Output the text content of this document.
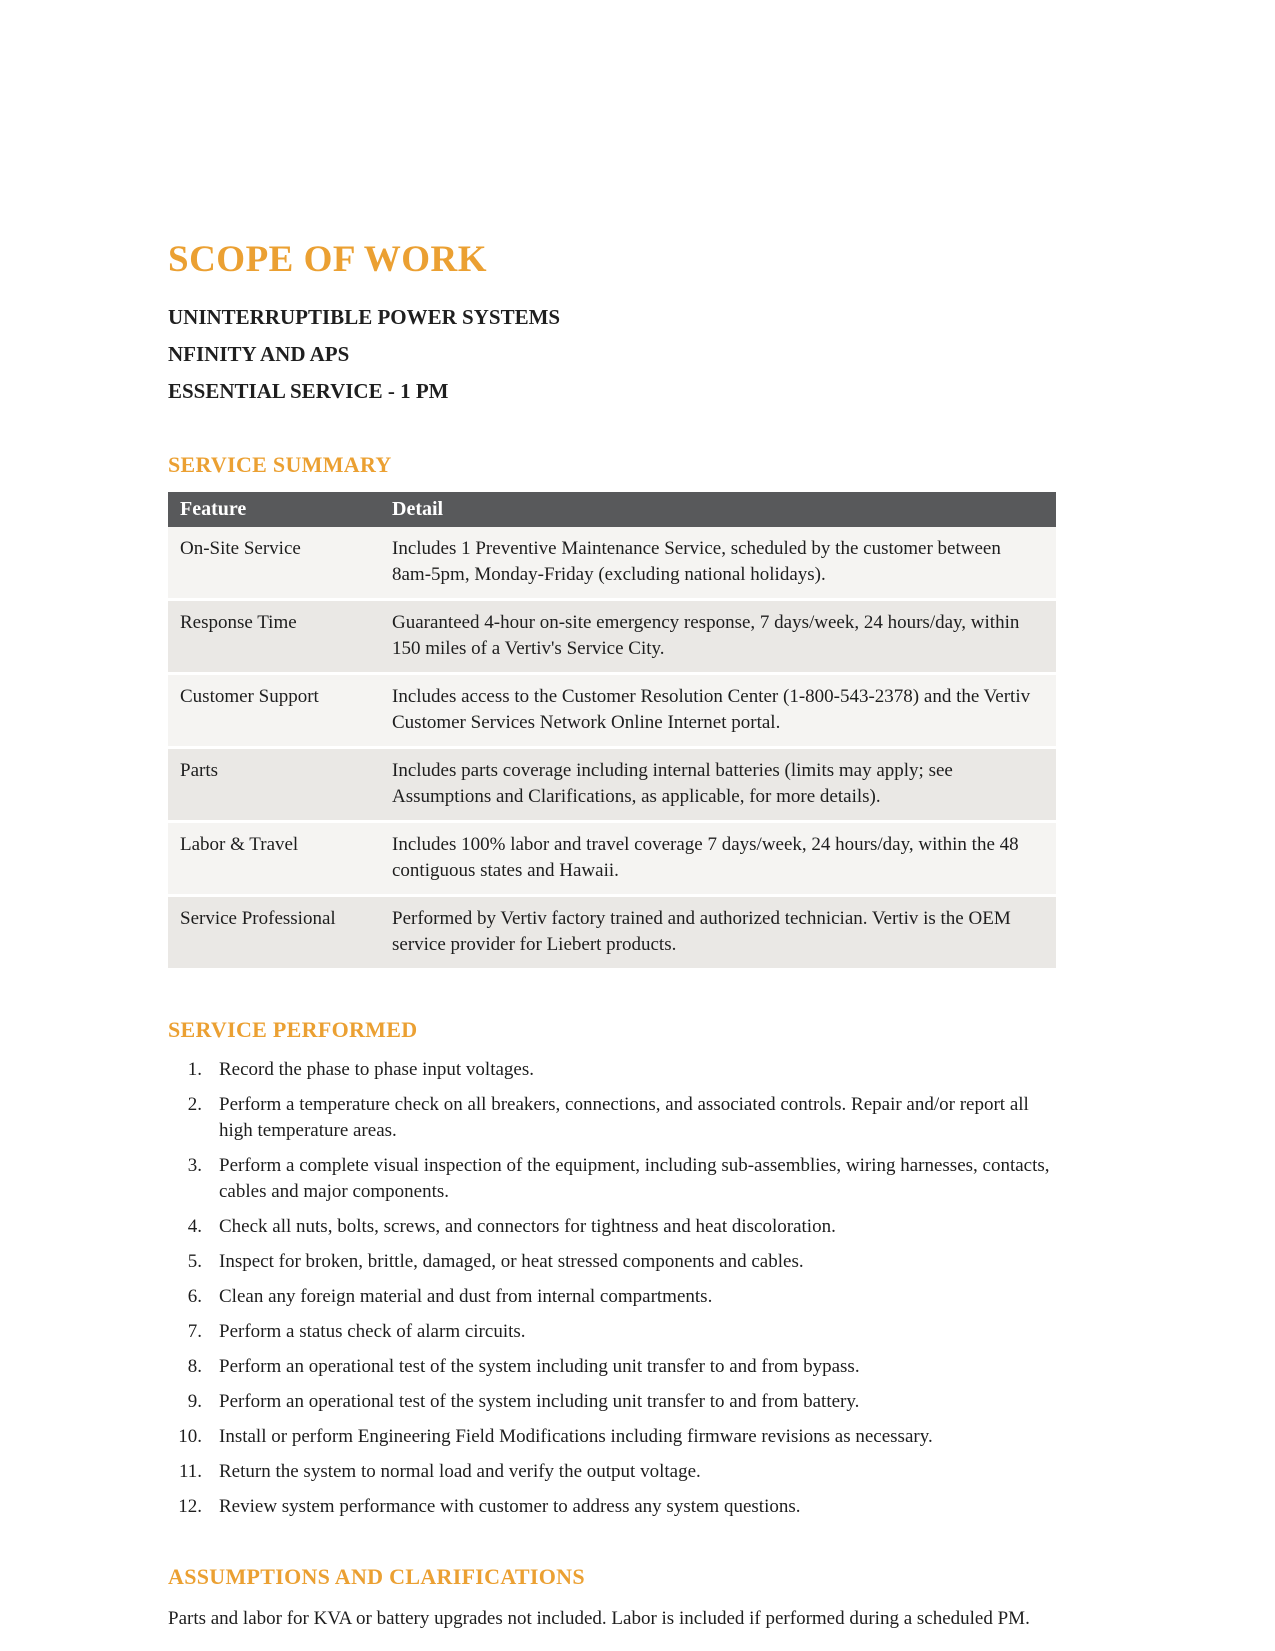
SCOPE OF WORK
UNINTERRUPTIBLE POWER SYSTEMS
NFINITY AND APS
ESSENTIAL SERVICE - 1 PM
SERVICE SUMMARY
Feature	Detail
On-Site Service	Includes 1 Preventive Maintenance Service, scheduled by the customer between 8am-5pm, Monday-Friday (excluding national holidays).
Response Time	Guaranteed 4-hour on-site emergency response, 7 days/week, 24 hours/day, within 150 miles of a Vertiv's Service City.
Customer Support	Includes access to the Customer Resolution Center (1-800-543-2378) and the Vertiv Customer Services Network Online Internet portal.
Parts	Includes parts coverage including internal batteries (limits may apply; see Assumptions and Clarifications, as applicable, for more details).
Labor & Travel	Includes 100% labor and travel coverage 7 days/week, 24 hours/day, within the 48 contiguous states and Hawaii.
Service Professional	Performed by Vertiv factory trained and authorized technician. Vertiv is the OEM service provider for Liebert products.
SERVICE PERFORMED
1. Record the phase to phase input voltages.
2. Perform a temperature check on all breakers, connections, and associated controls. Repair and/or report all high temperature areas.
3. Perform a complete visual inspection of the equipment, including sub-assemblies, wiring harnesses, contacts, cables and major components.
4. Check all nuts, bolts, screws, and connectors for tightness and heat discoloration.
5. Inspect for broken, brittle, damaged, or heat stressed components and cables.
6. Clean any foreign material and dust from internal compartments.
7. Perform a status check of alarm circuits.
8. Perform an operational test of the system including unit transfer to and from bypass.
9. Perform an operational test of the system including unit transfer to and from battery.
10. Install or perform Engineering Field Modifications including firmware revisions as necessary.
11. Return the system to normal load and verify the output voltage.
12. Review system performance with customer to address any system questions.
ASSUMPTIONS AND CLARIFICATIONS

Parts and labor for KVA or battery upgrades not included. Labor is included if performed during a scheduled PM.
